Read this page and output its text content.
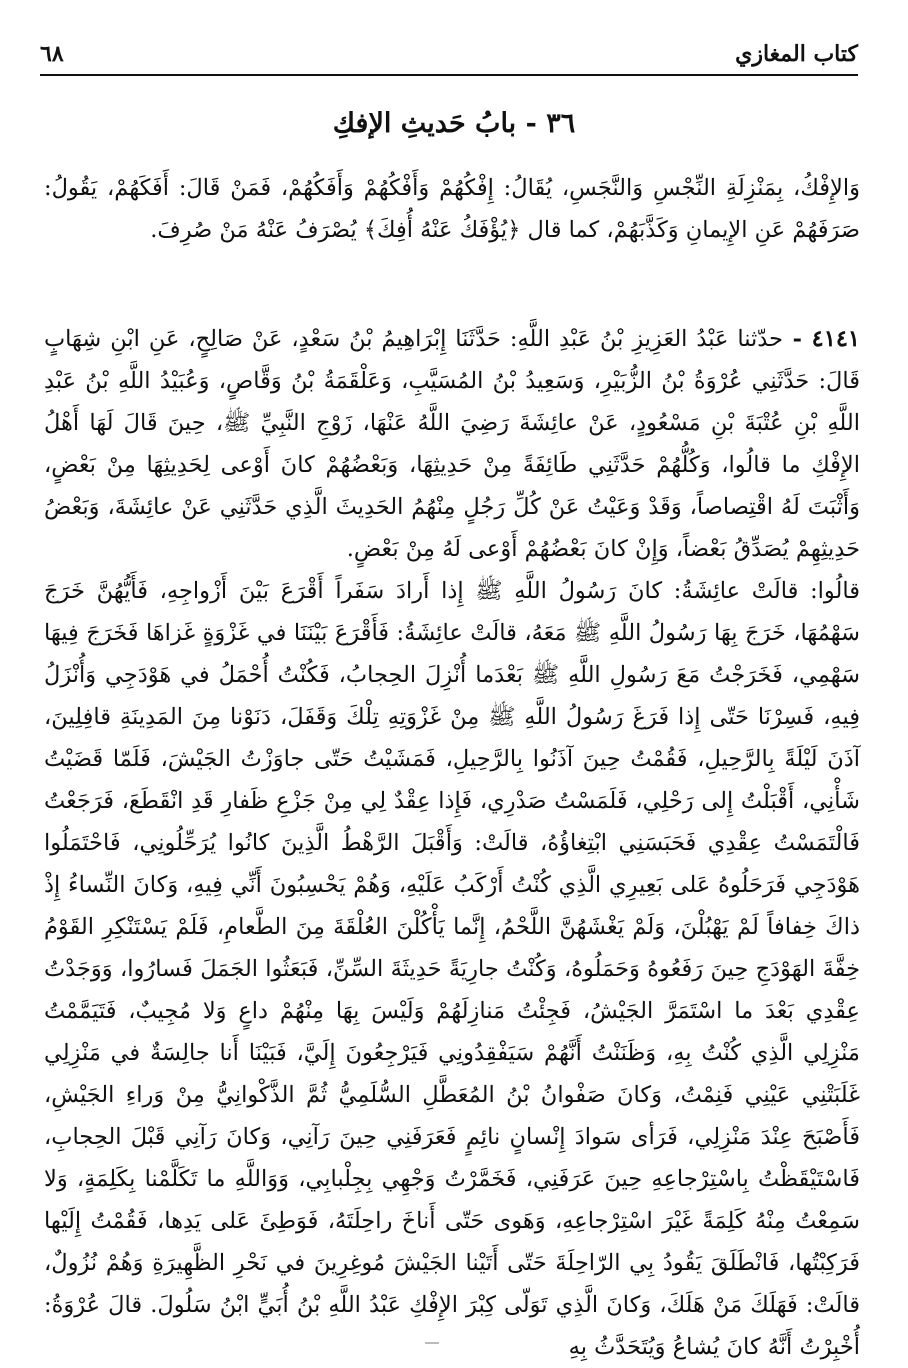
كتاب المغازي
٦٨
٣٦ - بابُ حَديثِ الإفكِ
وَالإِفْكُ، بِمَنْزِلَةِ النِّجْسِ وَالنَّجَسِ، يُقَالُ: إِفْكُهُمْ وَأَفْكُهُمْ وَأَفَكُهُمْ، فَمَنْ قَالَ: أَفَكَهُمْ، يَقُولُ: صَرَفَهُمْ عَنِ الإِيمانِ وَكَذَّبَهُمْ، كما قال ﴿يُؤْفَكُ عَنْهُ أُفِكَ﴾ يُصْرَفُ عَنْهُ مَنْ صُرِفَ.
٤١٤١ - حدّثنا عَبْدُ العَزِيزِ بْنُ عَبْدِ اللَّهِ: حَدَّثَنَا إِبْرَاهِيمُ بْنُ سَعْدٍ، عَنْ صَالِحٍ، عَنِ ابْنِ شِهَابٍ قَالَ: حَدَّثَنِي عُرْوَةُ بْنُ الزُّبَيْرِ، وَسَعِيدُ بْنُ المُسَيَّبِ، وَعَلْقَمَةُ بْنُ وَقَّاصٍ، وَعُبَيْدُ اللَّهِ بْنُ عَبْدِ اللَّهِ بْنِ عُتْبَةَ بْنِ مَسْعُودٍ، عَنْ عائِشَةَ رَضِيَ اللَّهُ عَنْهَا، زَوْجِ النَّبِيِّ ﷺ، حِينَ قَالَ لَهَا أَهْلُ الإِفْكِ ما قالُوا، وَكُلُّهُمْ حَدَّثَنِي طَائِفَةً مِنْ حَدِيثِهَا، وَبَعْضُهُمْ كانَ أَوْعى لِحَدِيثِهَا مِنْ بَعْضٍ، وَأَثْبَتَ لَهُ اقْتِصاصاً، وَقَدْ وَعَيْتُ عَنْ كُلِّ رَجُلٍ مِنْهُمُ الحَدِيثَ الَّذِي حَدَّثَنِي عَنْ عائِشَةَ، وَبَعْضُ حَدِيثِهِمْ يُصَدِّقُ بَعْضاً، وَإِنْ كانَ بَعْضُهُمْ أَوْعى لَهُ مِنْ بَعْضٍ.
قالُوا: قالَتْ عائِشَةُ: كانَ رَسُولُ اللَّهِ ﷺ إِذا أَرادَ سَفَراً أَقْرَعَ بَيْنَ أَزْواجِهِ، فَأَيُّهُنَّ خَرَجَ سَهْمُهَا، خَرَجَ بِهَا رَسُولُ اللَّهِ ﷺ مَعَهُ، قالَتْ عائِشَةُ: فَأَقْرَعَ بَيْنَنَا في غَزْوَةٍ غَزاهَا فَخَرَجَ فِيهَا سَهْمِي، فَخَرَجْتُ مَعَ رَسُولِ اللَّهِ ﷺ بَعْدَما أُنْزِلَ الحِجابُ، فَكُنْتُ أُحْمَلُ في هَوْدَجِي وَأُنْزَلُ فِيهِ، فَسِرْنَا حَتّى إِذا فَرَغَ رَسُولُ اللَّهِ ﷺ مِنْ غَزْوَتِهِ تِلْكَ وَقَفَلَ، دَنَوْنا مِنَ المَدِينَةِ قافِلِينَ، آذَنَ لَيْلَةً بِالرَّحِيلِ، فَقُمْتُ حِينَ آذَنُوا بِالرَّحِيلِ، فَمَشَيْتُ حَتّى جاوَزْتُ الجَيْشَ، فَلَمّا قَضَيْتُ شَأْنِي، أَقْبَلْتُ إِلى رَحْلِي، فَلَمَسْتُ صَدْرِي، فَإِذا عِقْدٌ لِي مِنْ جَزْعِ ظَفارِ قَدِ انْقَطَعَ، فَرَجَعْتُ فَالْتَمَسْتُ عِقْدِي فَحَبَسَنِي ابْتِغاؤُهُ، قالَتْ: وَأَقْبَلَ الرَّهْطُ الَّذِينَ كانُوا يُرَحِّلُونِي، فَاحْتَمَلُوا هَوْدَجِي فَرَحَلُوهُ عَلى بَعِيرِي الَّذِي كُنْتُ أَرْكَبُ عَلَيْهِ، وَهُمْ يَحْسِبُونَ أَنِّي فِيهِ، وَكانَ النِّساءُ إِذْ ذاكَ خِفافاً لَمْ يَهْبُلْنَ، وَلَمْ يَغْشَهُنَّ اللَّحْمُ، إِنَّما يَأْكُلْنَ العُلْقَةَ مِنَ الطَّعامِ، فَلَمْ يَسْتَنْكِرِ القَوْمُ خِفَّةَ الهَوْدَجِ حِينَ رَفَعُوهُ وَحَمَلُوهُ، وَكُنْتُ جارِيَةً حَدِيثَةَ السِّنِّ، فَبَعَثُوا الجَمَلَ فَسارُوا، وَوَجَدْتُ عِقْدِي بَعْدَ ما اسْتَمَرَّ الجَيْشُ، فَجِئْتُ مَنازِلَهُمْ وَلَيْسَ بِهَا مِنْهُمْ داعٍ وَلا مُجِيبٌ، فَتَيَمَّمْتُ مَنْزِلِي الَّذِي كُنْتُ بِهِ، وَظَنَنْتُ أَنَّهُمْ سَيَفْقِدُونِي فَيَرْجِعُونَ إِلَيَّ، فَبَيْنَا أَنا جالِسَةٌ في مَنْزِلِي غَلَبَتْنِي عَيْنِي فَنِمْتُ، وَكانَ صَفْوانُ بْنُ المُعَطَّلِ السُّلَمِيُّ ثُمَّ الذَّكْوانِيُّ مِنْ وَراءِ الجَيْشِ، فَأَصْبَحَ عِنْدَ مَنْزِلِي، فَرَأى سَوادَ إِنْسانٍ نائِمٍ فَعَرَفَنِي حِينَ رَآنِي، وَكانَ رَآنِي قَبْلَ الحِجابِ، فَاسْتَيْقَظْتُ بِاسْتِرْجاعِهِ حِينَ عَرَفَنِي، فَخَمَّرْتُ وَجْهِي بِجِلْبابِي، وَوَاللَّهِ ما تَكَلَّمْنا بِكَلِمَةٍ، وَلا سَمِعْتُ مِنْهُ كَلِمَةً غَيْرَ اسْتِرْجاعِهِ، وَهَوى حَتّى أَناخَ راحِلَتَهُ، فَوَطِئَ عَلى يَدِها، فَقُمْتُ إِلَيْها فَرَكِبْتُها، فَانْطَلَقَ يَقُودُ بِي الرّاحِلَةَ حَتّى أَتَيْنا الجَيْشَ مُوغِرِينَ في نَحْرِ الظَّهِيرَةِ وَهُمْ نُزُولٌ، قالَتْ: فَهَلَكَ مَنْ هَلَكَ، وَكانَ الَّذِي تَوَلّى كِبْرَ الإِفْكِ عَبْدُ اللَّهِ بْنُ أُبَيٍّ ابْنُ سَلُولَ. قالَ عُرْوَةُ: أُخْبِرْتُ أَنَّهُ كانَ يُشاعُ وَيُتَحَدَّثُ بِهِ
